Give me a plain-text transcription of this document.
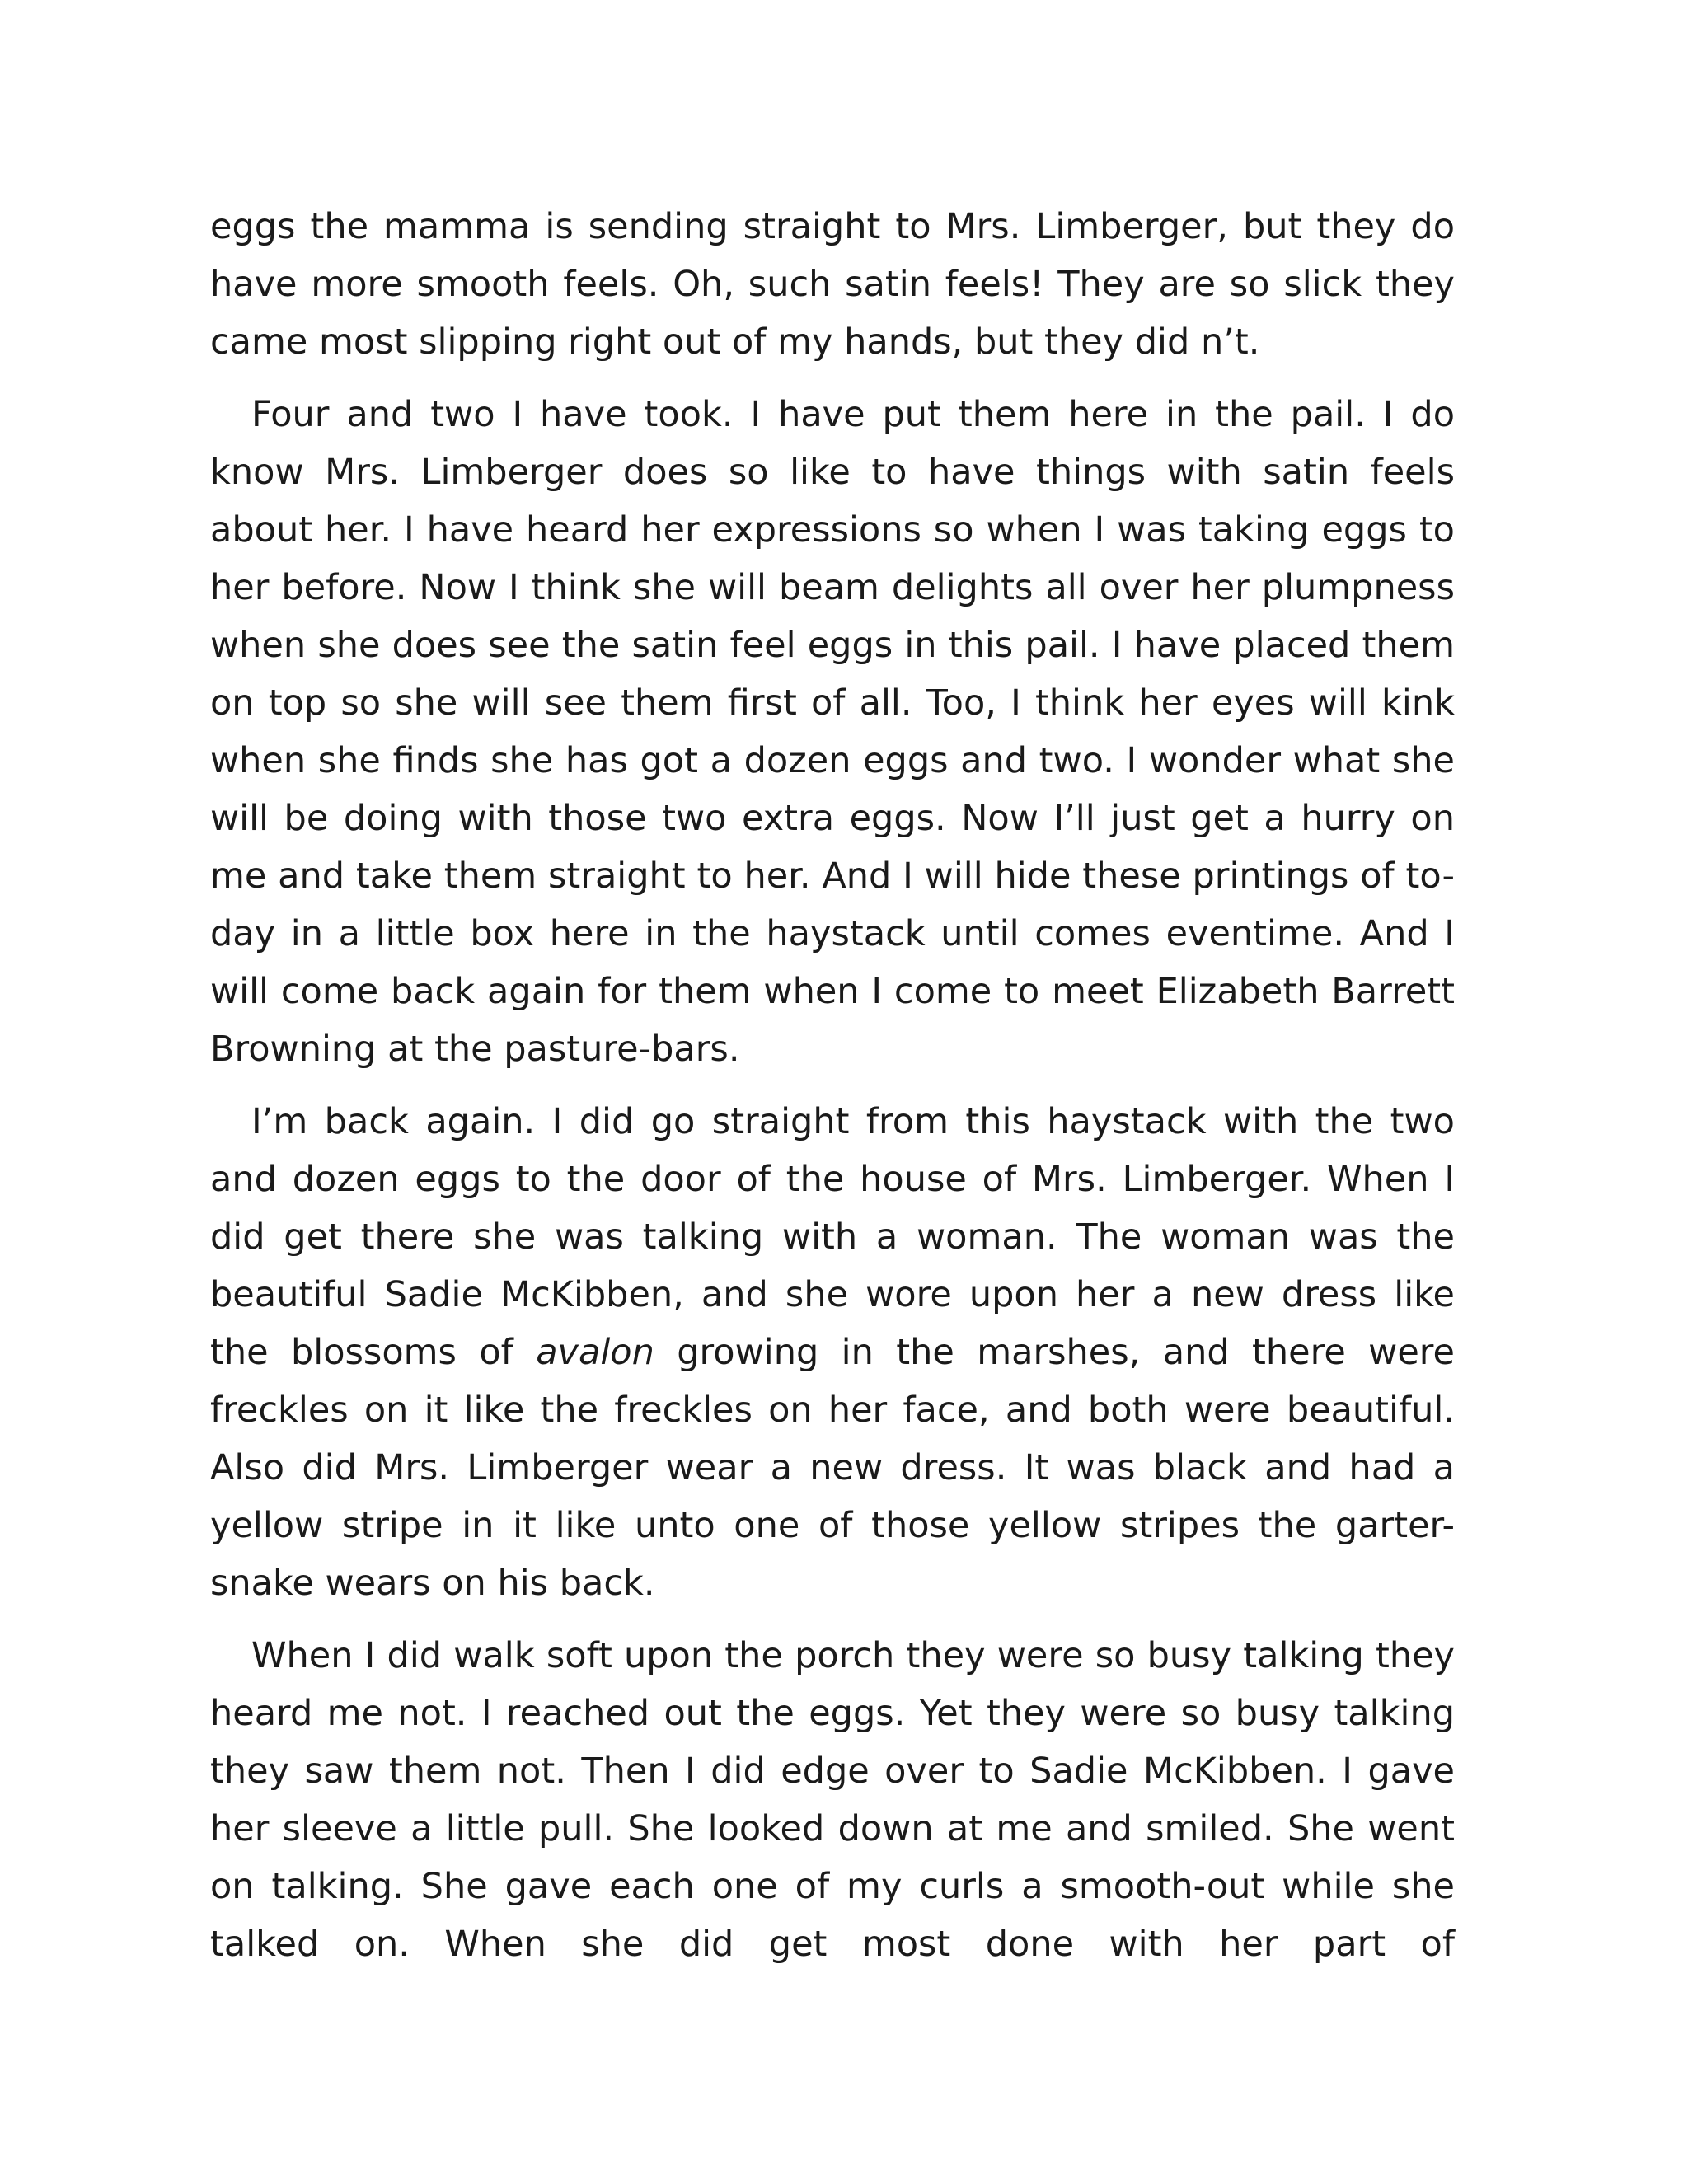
eggs the mamma is sending straight to Mrs. Limberger, but they do have more smooth feels. Oh, such satin feels! They are so slick they came most slipping right out of my hands, but they did n’t.

Four and two I have took. I have put them here in the pail. I do know Mrs. Limberger does so like to have things with satin feels about her. I have heard her expressions so when I was taking eggs to her before. Now I think she will beam delights all over her plumpness when she does see the satin feel eggs in this pail. I have placed them on top so she will see them first of all. Too, I think her eyes will kink when she finds she has got a dozen eggs and two. I wonder what she will be doing with those two extra eggs. Now I’ll just get a hurry on me and take them straight to her. And I will hide these printings of to-day in a little box here in the haystack until comes eventime. And I will come back again for them when I come to meet Elizabeth Barrett Browning at the pasture-bars.

I’m back again. I did go straight from this haystack with the two and dozen eggs to the door of the house of Mrs. Limberger. When I did get there she was talking with a woman. The woman was the beautiful Sadie McKibben, and she wore upon her a new dress like the blossoms of avalon growing in the marshes, and there were freckles on it like the freckles on her face, and both were beautiful. Also did Mrs. Limberger wear a new dress. It was black and had a yellow stripe in it like unto one of those yellow stripes the garter-snake wears on his back.

When I did walk soft upon the porch they were so busy talking they heard me not. I reached out the eggs. Yet they were so busy talking they saw them not. Then I did edge over to Sadie McKibben. I gave her sleeve a little pull. She looked down at me and smiled. She went on talking. She gave each one of my curls a smooth-out while she talked on. When she did get most done with her part of
